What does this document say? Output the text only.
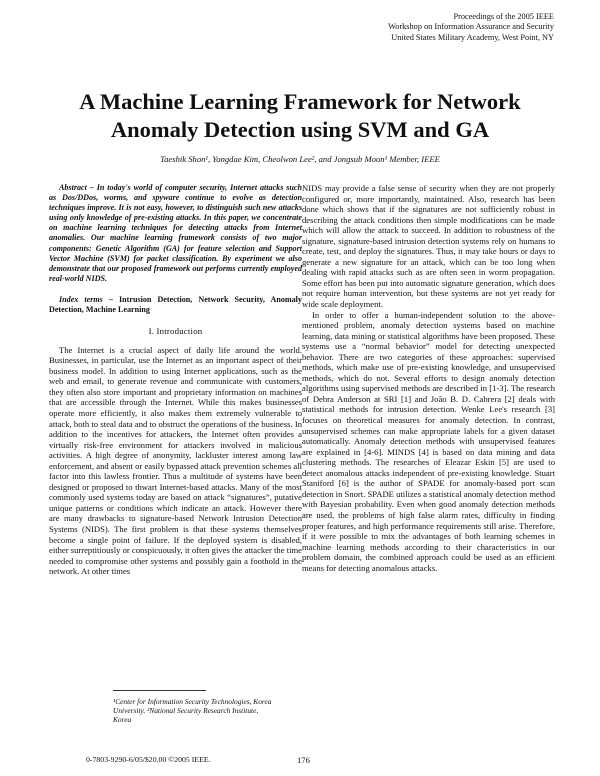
Proceedings of the 2005 IEEE
Workshop on Information Assurance and Security
United States Military Academy, West Point, NY
A Machine Learning Framework for Network Anomaly Detection using SVM and GA
Taeshik Shon¹, Yongdae Kim, Cheolwon Lee², and Jongsub Moon¹ Member, IEEE

Abstract – In today's world of computer security, Internet attacks such as Dos/DDos, worms, and spyware continue to evolve as detection techniques improve. It is not easy, however, to distinguish such new attacks using only knowledge of pre-existing attacks. In this paper, we concentrate on machine learning techniques for detecting attacks from Internet anomalies. Our machine learning framework consists of two major components: Genetic Algorithm (GA) for feature selection and Support Vector Machine (SVM) for packet classification. By experiment we also demonstrate that our proposed framework out performs currently employed real-world NIDS.

Index terms – Intrusion Detection, Network Security, Anomaly Detection, Machine Learning

I. Introduction

The Internet is a crucial aspect of daily life around the world. Businesses, in particular, use the Internet as an important aspect of their business model. In addition to using Internet applications, such as the web and email, to generate revenue and communicate with customers, they often also store important and proprietary information on machines that are accessible through the Internet. While this makes businesses operate more efficiently, it also makes them extremely vulnerable to attack, both to steal data and to obstruct the operations of the business. In addition to the incentives for attackers, the Internet often provides a virtually risk-free environment for attackers involved in malicious activities. A high degree of anonymity, lackluster interest among law enforcement, and absent or easily bypassed attack prevention schemes all factor into this lawless frontier. Thus a multitude of systems have been designed or proposed to thwart Internet-based attacks. Many of the most commonly used systems today are based on attack “signatures”, putative unique patterns or conditions which indicate an attack. However there are many drawbacks to signature-based Network Intrusion Detection Systems (NIDS). The first problem is that these systems themselves become a single point of failure. If the deployed system is disabled, either surreptitiously or conspicuously, it often gives the attacker the time needed to compromise other systems and possibly gain a foothold in the network. At other times

NIDS may provide a false sense of security when they are not properly configured or, more importantly, maintained. Also, research has been done which shows that if the signatures are not sufficiently robust in describing the attack conditions then simple modifications can be made which will allow the attack to succeed. In addition to robustness of the signature, signature-based intrusion detection systems rely on humans to create, test, and deploy the signatures. Thus, it may take hours or days to generate a new signature for an attack, which can be too long when dealing with rapid attacks such as are often seen in worm propagation. Some effort has been put into automatic signature generation, which does not require human intervention, but these systems are not yet ready for wide scale deployment.

In order to offer a human-independent solution to the above-mentioned problem, anomaly detection systems based on machine learning, data mining or statistical algorithms have been proposed. These systems use a “normal behavior” model for detecting unexpected behavior. There are two categories of these approaches: supervised methods, which make use of pre-existing knowledge, and unsupervised methods, which do not. Several efforts to design anomaly detection algorithms using supervised methods are described in [1-3]. The research of Debra Anderson at SRI [1] and João B. D. Cabrera [2] deals with statistical methods for intrusion detection. Wenke Lee's research [3] focuses on theoretical measures for anomaly detection. In contrast, unsupervised schemes can make appropriate labels for a given dataset automatically. Anomaly detection methods with unsupervised features are explained in [4-6]. MINDS [4] is based on data mining and data clustering methods. The researches of Eleazar Eskin [5] are used to detect anomalous attacks independent of pre-existing knowledge. Stuart Staniford [6] is the author of SPADE for anomaly-based port scan detection in Snort. SPADE utilizes a statistical anomaly detection method with Bayesian probability. Even when good anomaly detection methods are used, the problems of high false alarm rates, difficulty in finding proper features, and high performance requirements still arise. Therefore, if it were possible to mix the advantages of both learning schemes in machine learning methods according to their characteristics in our problem domain, the combined approach could be used as an efficient means for detecting anomalous attacks.

¹Center for Information Security Technologies, Korea University. ²National Security Research Institute, Korea
0-7803-9290-6/05/$20.00 ©2005 IEEE.	176
